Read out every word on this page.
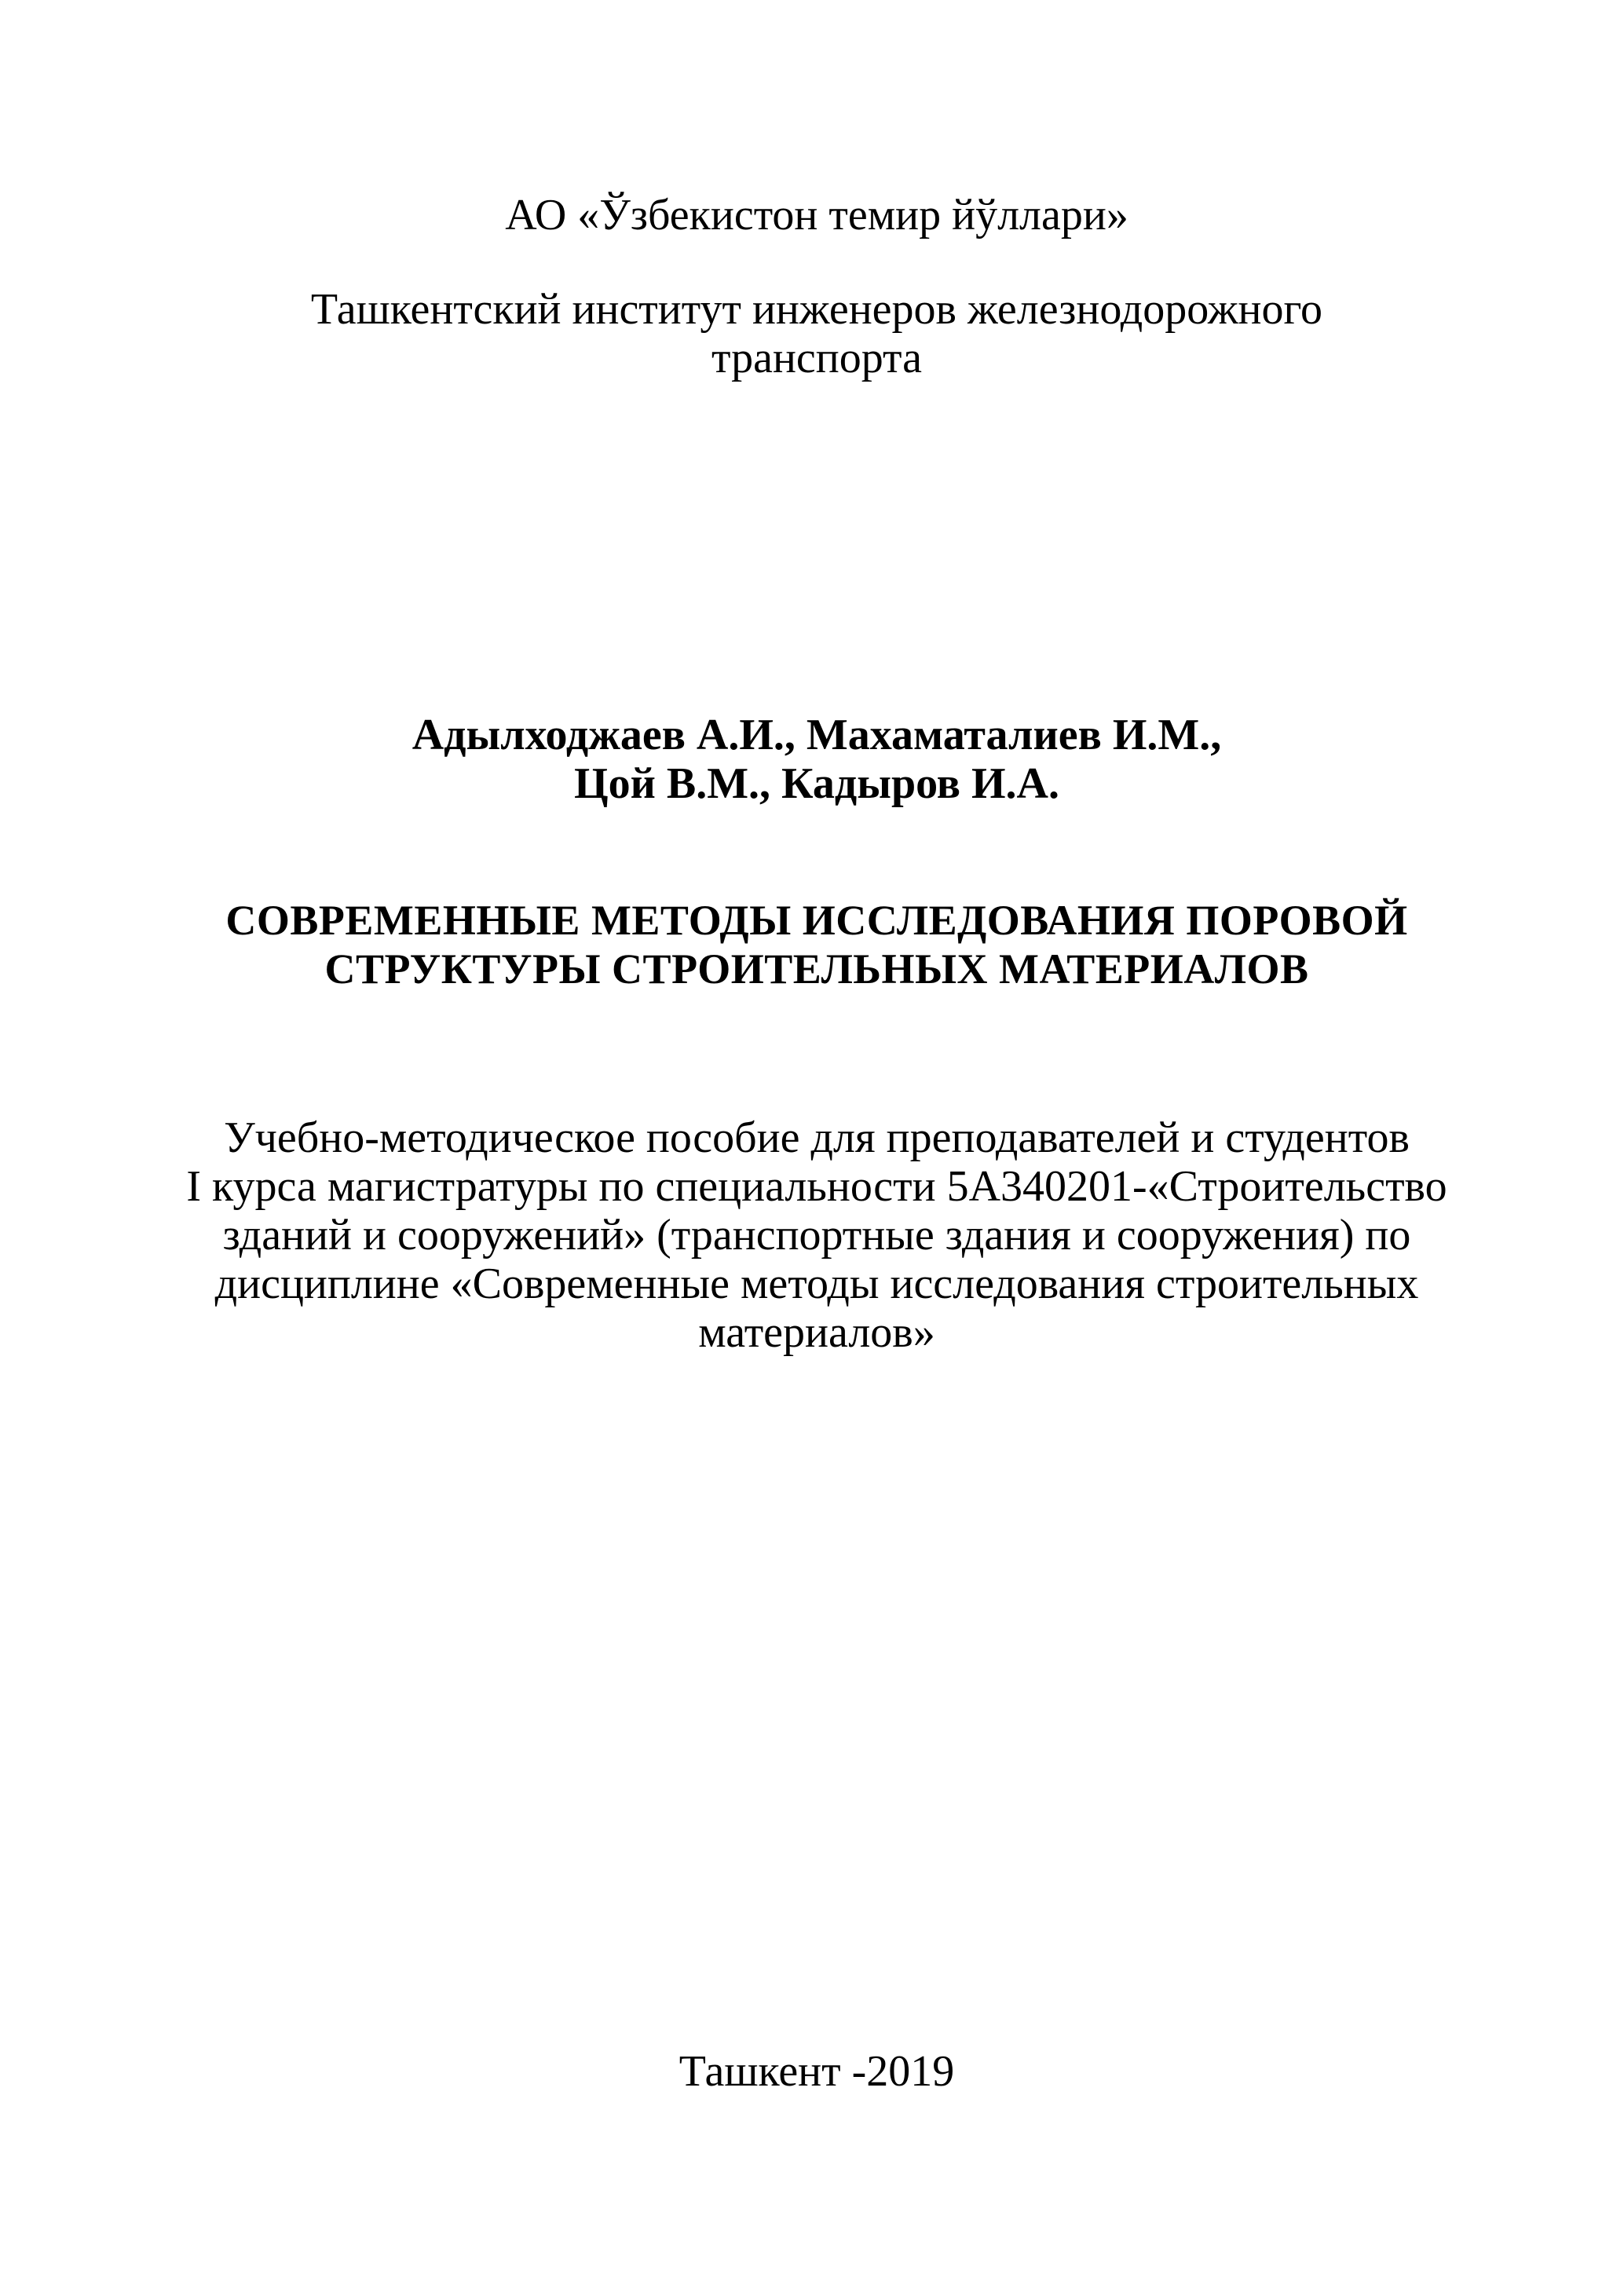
АО «Ўзбекистон темир йўллари»
Ташкентский институт инженеров железнодорожного
транспорта
Адылходжаев А.И., Махаматалиев И.М.,
Цой В.М., Кадыров И.А.
СОВРЕМЕННЫЕ МЕТОДЫ ИССЛЕДОВАНИЯ ПОРОВОЙ
СТРУКТУРЫ СТРОИТЕЛЬНЫХ МАТЕРИАЛОВ
Учебно-методическое пособие для преподавателей и студентов
I курса магистратуры по специальности 5А340201-«Строительство
зданий и сооружений» (транспортные здания и сооружения) по
дисциплине «Современные методы исследования строительных
материалов»
Ташкент -2019
